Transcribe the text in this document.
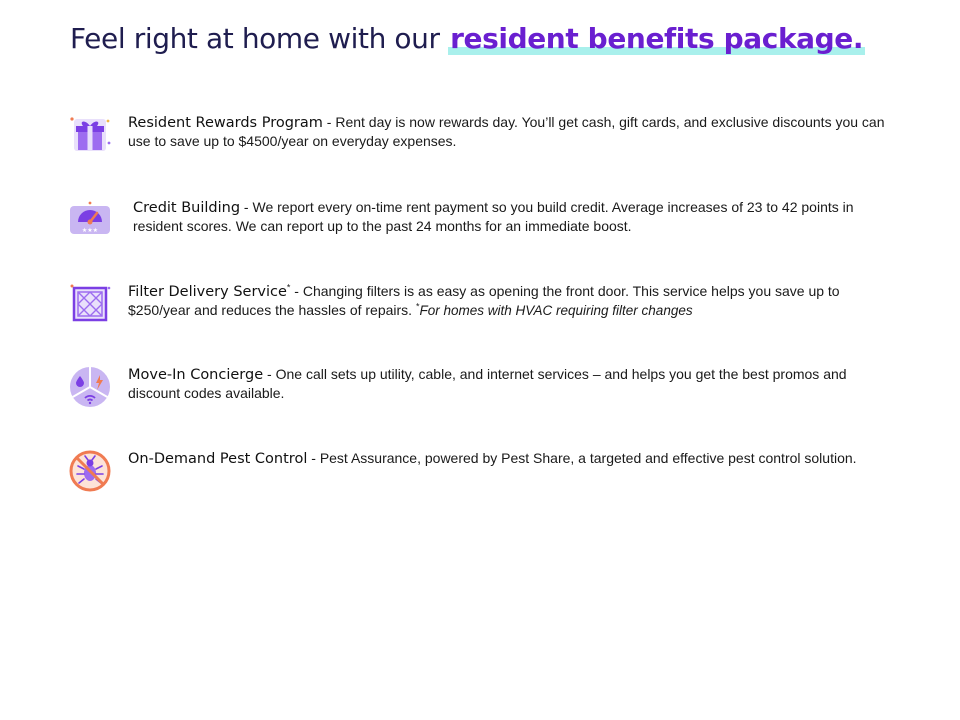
Feel right at home with our resident benefits package.
Resident Rewards Program - Rent day is now rewards day. You’ll get cash, gift cards, and exclusive discounts you can use to save up to $4500/year on everyday expenses.
★★★
Credit Building - We report every on-time rent payment so you build credit. Average increases of 23 to 42 points in resident scores. We can report up to the past 24 months for an immediate boost.
Filter Delivery Service* - Changing filters is as easy as opening the front door. This service helps you save up to $250/year and reduces the hassles of repairs. *For homes with HVAC requiring filter changes
Move-In Concierge - One call sets up utility, cable, and internet services – and helps you get the best promos and discount codes available.
On-Demand Pest Control - Pest Assurance, powered by Pest Share, a targeted and effective pest control solution.
